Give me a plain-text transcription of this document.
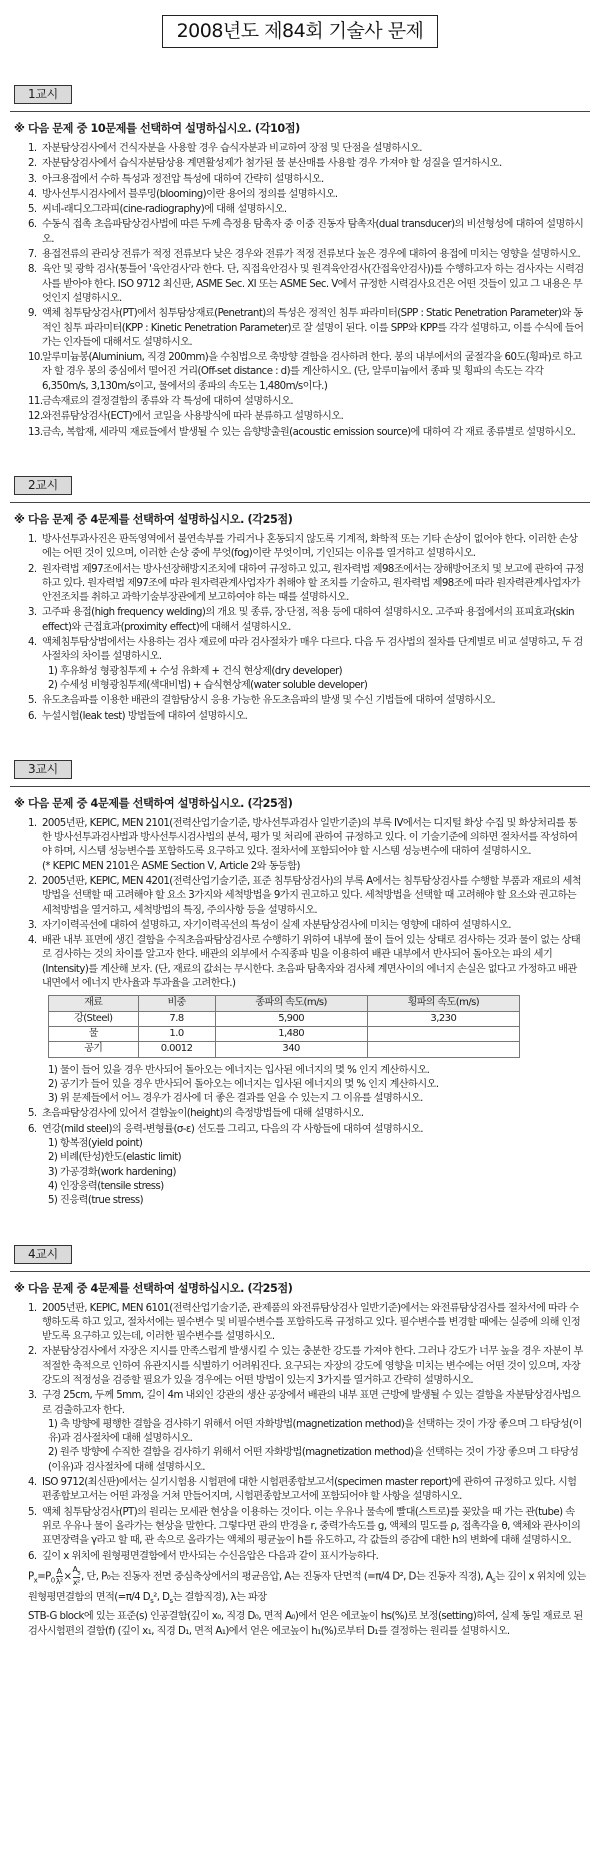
2008년도 제84회 기술사 문제
1교시
※ 다음 문제 중 10문제를 선택하여 설명하십시오. (각10점)
1. 자분탐상검사에서 건식자분을 사용할 경우 습식자분과 비교하여 장점 및 단점을 설명하시오.
2. 자분탐상검사에서 습식자분탐상용 계면활성제가 첨가된 물 분산매를 사용할 경우 가져야 할 성질을 열거하시오.
3. 아크용접에서 수하 특성과 정전압 특성에 대하여 간략히 설명하시오.
4. 방사선투시검사에서 블루밍(blooming)이란 용어의 정의를 설명하시오.
5. 씨네-래디오그라피(cine-radiography)에 대해 설명하시오.
6. 수동식 접촉 초음파탐상검사법에 따른 두께 측정용 탐촉자 중 이중 진동자 탐촉자(dual transducer)의 비선형성에 대하여 설명하시오.
7. 용접전류의 관리상 전류가 적정 전류보다 낮은 경우와 전류가 적정 전류보다 높은 경우에 대하여 용접에 미치는 영향을 설명하시오.
8. 육안 및 광학 검사(통틀어 '육안검사'라 한다. 단, 직접육안검사 및 원격육안검사(간접육안검사))를 수행하고자 하는 검사자는 시력검사를 받아야 한다. ISO 9712 최신판, ASME Sec. XI 또는 ASME Sec. V에서 규정한 시력검사요건은 어떤 것들이 있고 그 내용은 무엇인지 설명하시오.
9. 액체 침투탐상검사(PT)에서 침투탐상재료(Penetrant)의 특성은 정적인 침투 파라미터(SPP : Static Penetration Parameter)와 동적인 침투 파라미터(KPP : Kinetic Penetration Parameter)로 잘 설명이 된다. 이를 SPP와 KPP를 각각 설명하고, 이를 수식에 들어가는 인자들에 대해서도 설명하시오.
10. 알루미늄봉(Aluminium, 직경 200mm)을 수침법으로 축방향 결함을 검사하려 한다. 봉의 내부에서의 굴절각을 60도(횡파)로 하고자 할 경우 봉의 중심에서 떨어진 거리(Off-set distance : d)를 계산하시오. (단, 알루미늄에서 종파 및 횡파의 속도는 각각 6,350m/s, 3,130m/s이고, 물에서의 종파의 속도는 1,480m/s이다.)
11. 금속재료의 결정결함의 종류와 각 특성에 대하여 설명하시오.
12. 와전류탐상검사(ECT)에서 코일을 사용방식에 따라 분류하고 설명하시오.
13. 금속, 복합재, 세라믹 재료들에서 발생될 수 있는 음향방출원(acoustic emission source)에 대하여 각 재료 종류별로 설명하시오.
2교시
※ 다음 문제 중 4문제를 선택하여 설명하십시오. (각25점)
1. 방사선투과사진은 판독영역에서 불연속부를 가리거나 혼동되지 않도록 기계적, 화학적 또는 기타 손상이 없어야 한다. 이러한 손상에는 어떤 것이 있으며, 이러한 손상 중에 무엇(fog)이란 무엇이며, 기인되는 이유를 열거하고 설명하시오.
2. 원자력법 제97조에서는 방사선장해방지조치에 대하여 규정하고 있고, 원자력법 제98조에서는 장해방어조치 및 보고에 관하여 규정하고 있다. 원자력법 제97조에 따라 원자력관계사업자가 취해야 할 조치를 기술하고, 원자력법 제98조에 따라 원자력관계사업자가 안전조치를 취하고 과학기술부장관에게 보고하여야 하는 때를 설명하시오.
3. 고주파 용접(high frequency welding)의 개요 및 종류, 장·단점, 적용 등에 대하여 설명하시오. 고주파 용접에서의 표피효과(skin effect)와 근접효과(proximity effect)에 대해서 설명하시오.
4. 액체침투탐상법에서는 사용하는 검사 재료에 따라 검사절차가 매우 다르다. 다음 두 검사법의 절차를 단계별로 비교 설명하고, 두 검사절차의 차이를 설명하시오.
1) 후유화성 형광침투제 + 수성 유화제 + 건식 현상제(dry developer)
2) 수세성 비형광침투제(색대비법) + 습식현상제(water soluble developer)
5. 유도초음파를 이용한 배관의 결함탐상시 응용 가능한 유도초음파의 발생 및 수신 기법들에 대하여 설명하시오.
6. 누설시험(leak test) 방법들에 대하여 설명하시오.
3교시
※ 다음 문제 중 4문제를 선택하여 설명하십시오. (각25점)
1. 2005년판, KEPIC, MEN 2101(전력산업기술기준, 방사선투과검사 일반기준)의 부록 IV에서는 디지털 화상 수집 및 화상처리를 통한 방사선투과검사법과 방사선투시검사법의 분석, 평가 및 처리에 관하여 규정하고 있다. 이 기술기준에 의하면 절차서를 작성하여야 하며, 시스템 성능변수를 포함하도록 요구하고 있다. 절차서에 포함되어야 할 시스템 성능변수에 대하여 설명하시오.
(* KEPIC MEN 2101은 ASME Section V, Article 2와 동등함)
2. 2005년판, KEPIC, MEN 4201(전력산업기술기준, 표준 침투탐상검사)의 부록 A에서는 침투탐상검사를 수행할 부품과 재료의 세척 방법을 선택할 때 고려해야 할 요소 3가지와 세척방법을 9가지 권고하고 있다. 세척방법을 선택할 때 고려해야 할 요소와 권고하는 세척방법을 열거하고, 세척방법의 특징, 주의사항 등을 설명하시오.
3. 자기이력곡선에 대하여 설명하고, 자기이력곡선의 특성이 실제 자분탐상검사에 미치는 영향에 대하여 설명하시오.
4. 배관 내부 표면에 생긴 결함을 수직초음파탐상검사로 수행하기 위하여 내부에 물이 들어 있는 상태로 검사하는 것과 물이 없는 상태로 검사하는 것의 차이를 알고자 한다. 배관의 외부에서 수직종파 빔을 이용하여 배관 내부에서 반사되어 돌아오는 파의 세기(Intensity)를 계산해 보자. (단, 재료의 값쇠는 무시한다. 초음파 탐촉자와 검사체 계면사이의 에너지 손실은 없다고 가정하고 배관 내면에서 에너지 반사율과 투과율을 고려한다.)
재료	비중	종파의 속도(m/s)	횡파의 속도(m/s)
강(Steel)	7.8	5,900	3,230
물	1.0	1,480	
공기	0.0012	340	
1) 물이 들어 있을 경우 반사되어 돌아오는 에너지는 입사된 에너지의 몇 % 인지 계산하시오.
2) 공기가 들어 있을 경우 반사되어 돌아오는 에너지는 입사된 에너지의 몇 % 인지 계산하시오.
3) 위 문제들에서 어느 경우가 검사에 더 좋은 결과를 얻을 수 있는지 그 이유를 설명하시오.
5. 초음파탐상검사에 있어서 결함높이(height)의 측정방법들에 대해 설명하시오.
6. 연강(mild steel)의 응력-변형률(σ-ε) 선도를 그리고, 다음의 각 사항들에 대하여 설명하시오.
1) 항복점(yield point)
2) 비례(탄성)한도(elastic limit)
3) 가공경화(work hardening)
4) 인장응력(tensile stress)
5) 진응력(true stress)
4교시
※ 다음 문제 중 4문제를 선택하여 설명하십시오. (각25점)
1. 2005년판, KEPIC, MEN 6101(전력산업기술기준, 관제품의 와전류탐상검사 일반기준)에서는 와전류탐상검사를 절차서에 따라 수행하도록 하고 있고, 절차서에는 필수변수 및 비필수변수를 포함하도록 규정하고 있다. 필수변수를 변경할 때에는 실증에 의해 인정받도록 요구하고 있는데, 이러한 필수변수를 설명하시오.
2. 자분탐상검사에서 자장은 지시를 만족스럽게 발생시킬 수 있는 충분한 강도를 가져야 한다. 그러나 강도가 너무 높을 경우 자분이 부적절한 축적으로 인하여 유관지시를 식별하기 어려워진다. 요구되는 자장의 강도에 영향을 미치는 변수에는 어떤 것이 있으며, 자장 강도의 적정성을 검증할 필요가 있을 경우에는 어떤 방법이 있는지 3가지를 열거하고 간략히 설명하시오.
3. 구경 25cm, 두께 5mm, 길이 4m 내외인 강관의 생산 공장에서 배관의 내부 표면 근방에 발생될 수 있는 결함을 자분탐상검사법으로 검출하고자 한다.
1) 축 방향에 평행한 결함을 검사하기 위해서 어떤 자화방법(magnetization method)을 선택하는 것이 가장 좋으며 그 타당성(이유)과 검사절차에 대해 설명하시오.
2) 원주 방향에 수직한 결함을 검사하기 위해서 어떤 자화방법(magnetization method)을 선택하는 것이 가장 좋으며 그 타당성(이유)과 검사절차에 대해 설명하시오.
4. ISO 9712(최신판)에서는 실기시험용 시험편에 대한 시험편종합보고서(specimen master report)에 관하여 규정하고 있다. 시험편종합보고서는 어떤 과정을 거쳐 만들어지며, 시험편종합보고서에 포함되어야 할 사항을 설명하시오.
5. 액체 침투탐상검사(PT)의 원리는 모세관 현상을 이용하는 것이다. 이는 우유나 물속에 빨대(스트로)를 꽂았을 때 가는 관(tube) 속 위로 우유나 물이 올라가는 현상을 말한다. 그렇다면 관의 반경을 r, 중력가속도를 g, 액체의 밀도를 ρ, 접촉각을 θ, 액체와 관사이의 표면장력을 γ라고 할 때, 관 속으로 올라가는 액체의 평균높이 h를 유도하고, 각 값들의 증감에 대한 h의 변화에 대해 설명하시오.
6. 깊이 x 위치에 원형평면결함에서 반사되는 수신음압은 다음과 같이 표시가능하다.
$P_x=P_0 \frac{A}{\text{λ²}} \times \frac{A_s}{\text{x²}}$ , 단, P₀는 진동자 전면 중심축상에서의 평균음압, A는 진동자 단면적 (=π/4 D², D는 진동자 직경), $A_s$는 깊이 x 위치에 있는 원형평면결함의 면적(=π/4 $D_s^2$, $D_s$는 결함직경), λ는 파장
STB-G block에 있는 표준(s) 인공결함(깊이 x₀, 직경 D₀, 면적 A₀)에서 얻은 에코높이 hs(%)로 보정(setting)하여, 실제 동일 재료로 된 검사시험편의 결함(f) (깊이 x₁, 직경 D₁, 면적 A₁)에서 얻은 에코높이 h₁(%)로부터 D₁를 결정하는 원리를 설명하시오.
